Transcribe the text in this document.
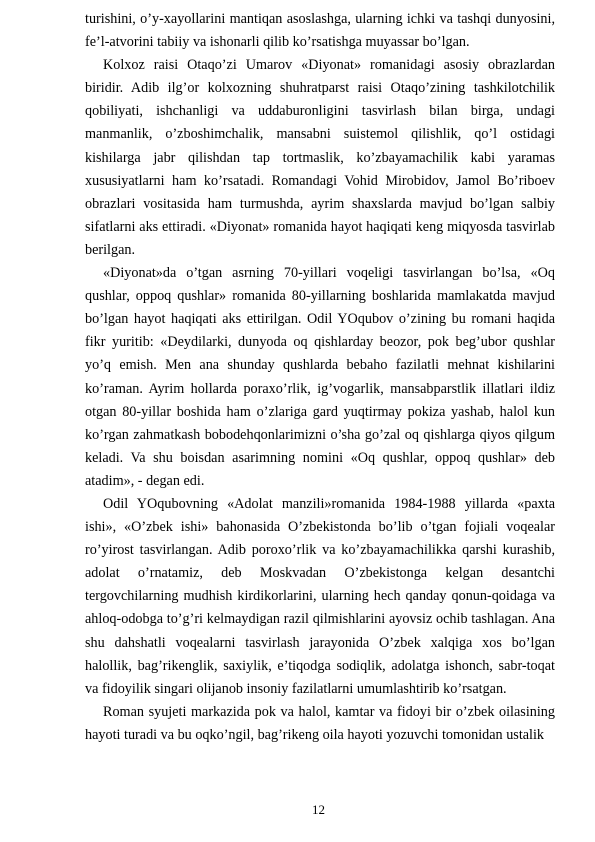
turishini, o’y-xayollarini mantiqan asoslashga, ularning ichki va tashqi dunyosini, fe’l-atvorini tabiiy va ishonarli qilib ko’rsatishga muyassar bo’lgan.

Kolxoz raisi Otaqo’zi Umarov «Diyonat» romanidagi asosiy obrazlardan biridir. Adib ilg’or kolxozning shuhratparst raisi Otaqo’zining tashkilotchilik qobiliyati, ishchanligi va uddaburonligini tasvirlash bilan birga, undagi manmanlik, o’zboshimchalik, mansabni suistemol qilishlik, qo’l ostidagi kishilarga jabr qilishdan tap tortmaslik, ko’zbayamachilik kabi yaramas xususiyatlarni ham ko’rsatadi. Romandagi Vohid Mirobidov, Jamol Bo’riboev obrazlari vositasida ham turmushda, ayrim shaxslarda mavjud bo’lgan salbiy sifatlarni aks ettiradi. «Diyonat» romanida hayot haqiqati keng miqyosda tasvirlab berilgan.

«Diyonat»da o’tgan asrning 70-yillari voqeligi tasvirlangan bo’lsa, «Oq qushlar, oppoq qushlar» romanida 80-yillarning boshlarida mamlakatda mavjud bo’lgan hayot haqiqati aks ettirilgan. Odil YOqubov o’zining bu romani haqida fikr yuritib: «Deydilarki, dunyoda oq qishlarday beozor, pok beg’ubor qushlar yo’q emish. Men ana shunday qushlarda bebaho fazilatli mehnat kishilarini ko’raman. Ayrim hollarda poraxo’rlik, ig’vogarlik, mansabparstlik illatlari ildiz otgan 80-yillar boshida ham o’zlariga gard yuqtirmay pokiza yashab, halol kun ko’rgan zahmatkash bobodehqonlarimizni o’sha go’zal oq qishlarga qiyos qilgum keladi. Va shu boisdan asarimning nomini «Oq qushlar, oppoq qushlar» deb atadim», - degan edi.

Odil YOqubovning «Adolat manzili»romanida 1984-1988 yillarda «paxta ishi», «O’zbek ishi» bahonasida O’zbekistonda bo’lib o’tgan fojiali voqealar ro’yirost tasvirlangan. Adib poroxo’rlik va ko’zbayamachilikka qarshi kurashib, adolat o’rnatamiz, deb Moskvadan O’zbekistonga kelgan desantchi tergovchilarning mudhish kirdikorlarini, ularning hech qanday qonun-qoidaga va ahloq-odobga to’g’ri kelmaydigan razil qilmishlarini ayovsiz ochib tashlagan. Ana shu dahshatli voqealarni tasvirlash jarayonida O’zbek xalqiga xos bo’lgan halollik, bag’rikenglik, saxiylik, e’tiqodga sodiqlik, adolatga ishonch, sabr-toqat va fidoyilik singari olijanob insoniy fazilatlarni umumlashtirib ko’rsatgan.

Roman syujeti markazida pok va halol, kamtar va fidoyi bir o’zbek oilasining hayoti turadi va bu oqko’ngil, bag’rikeng oila hayoti yozuvchi tomonidan ustalik

12
